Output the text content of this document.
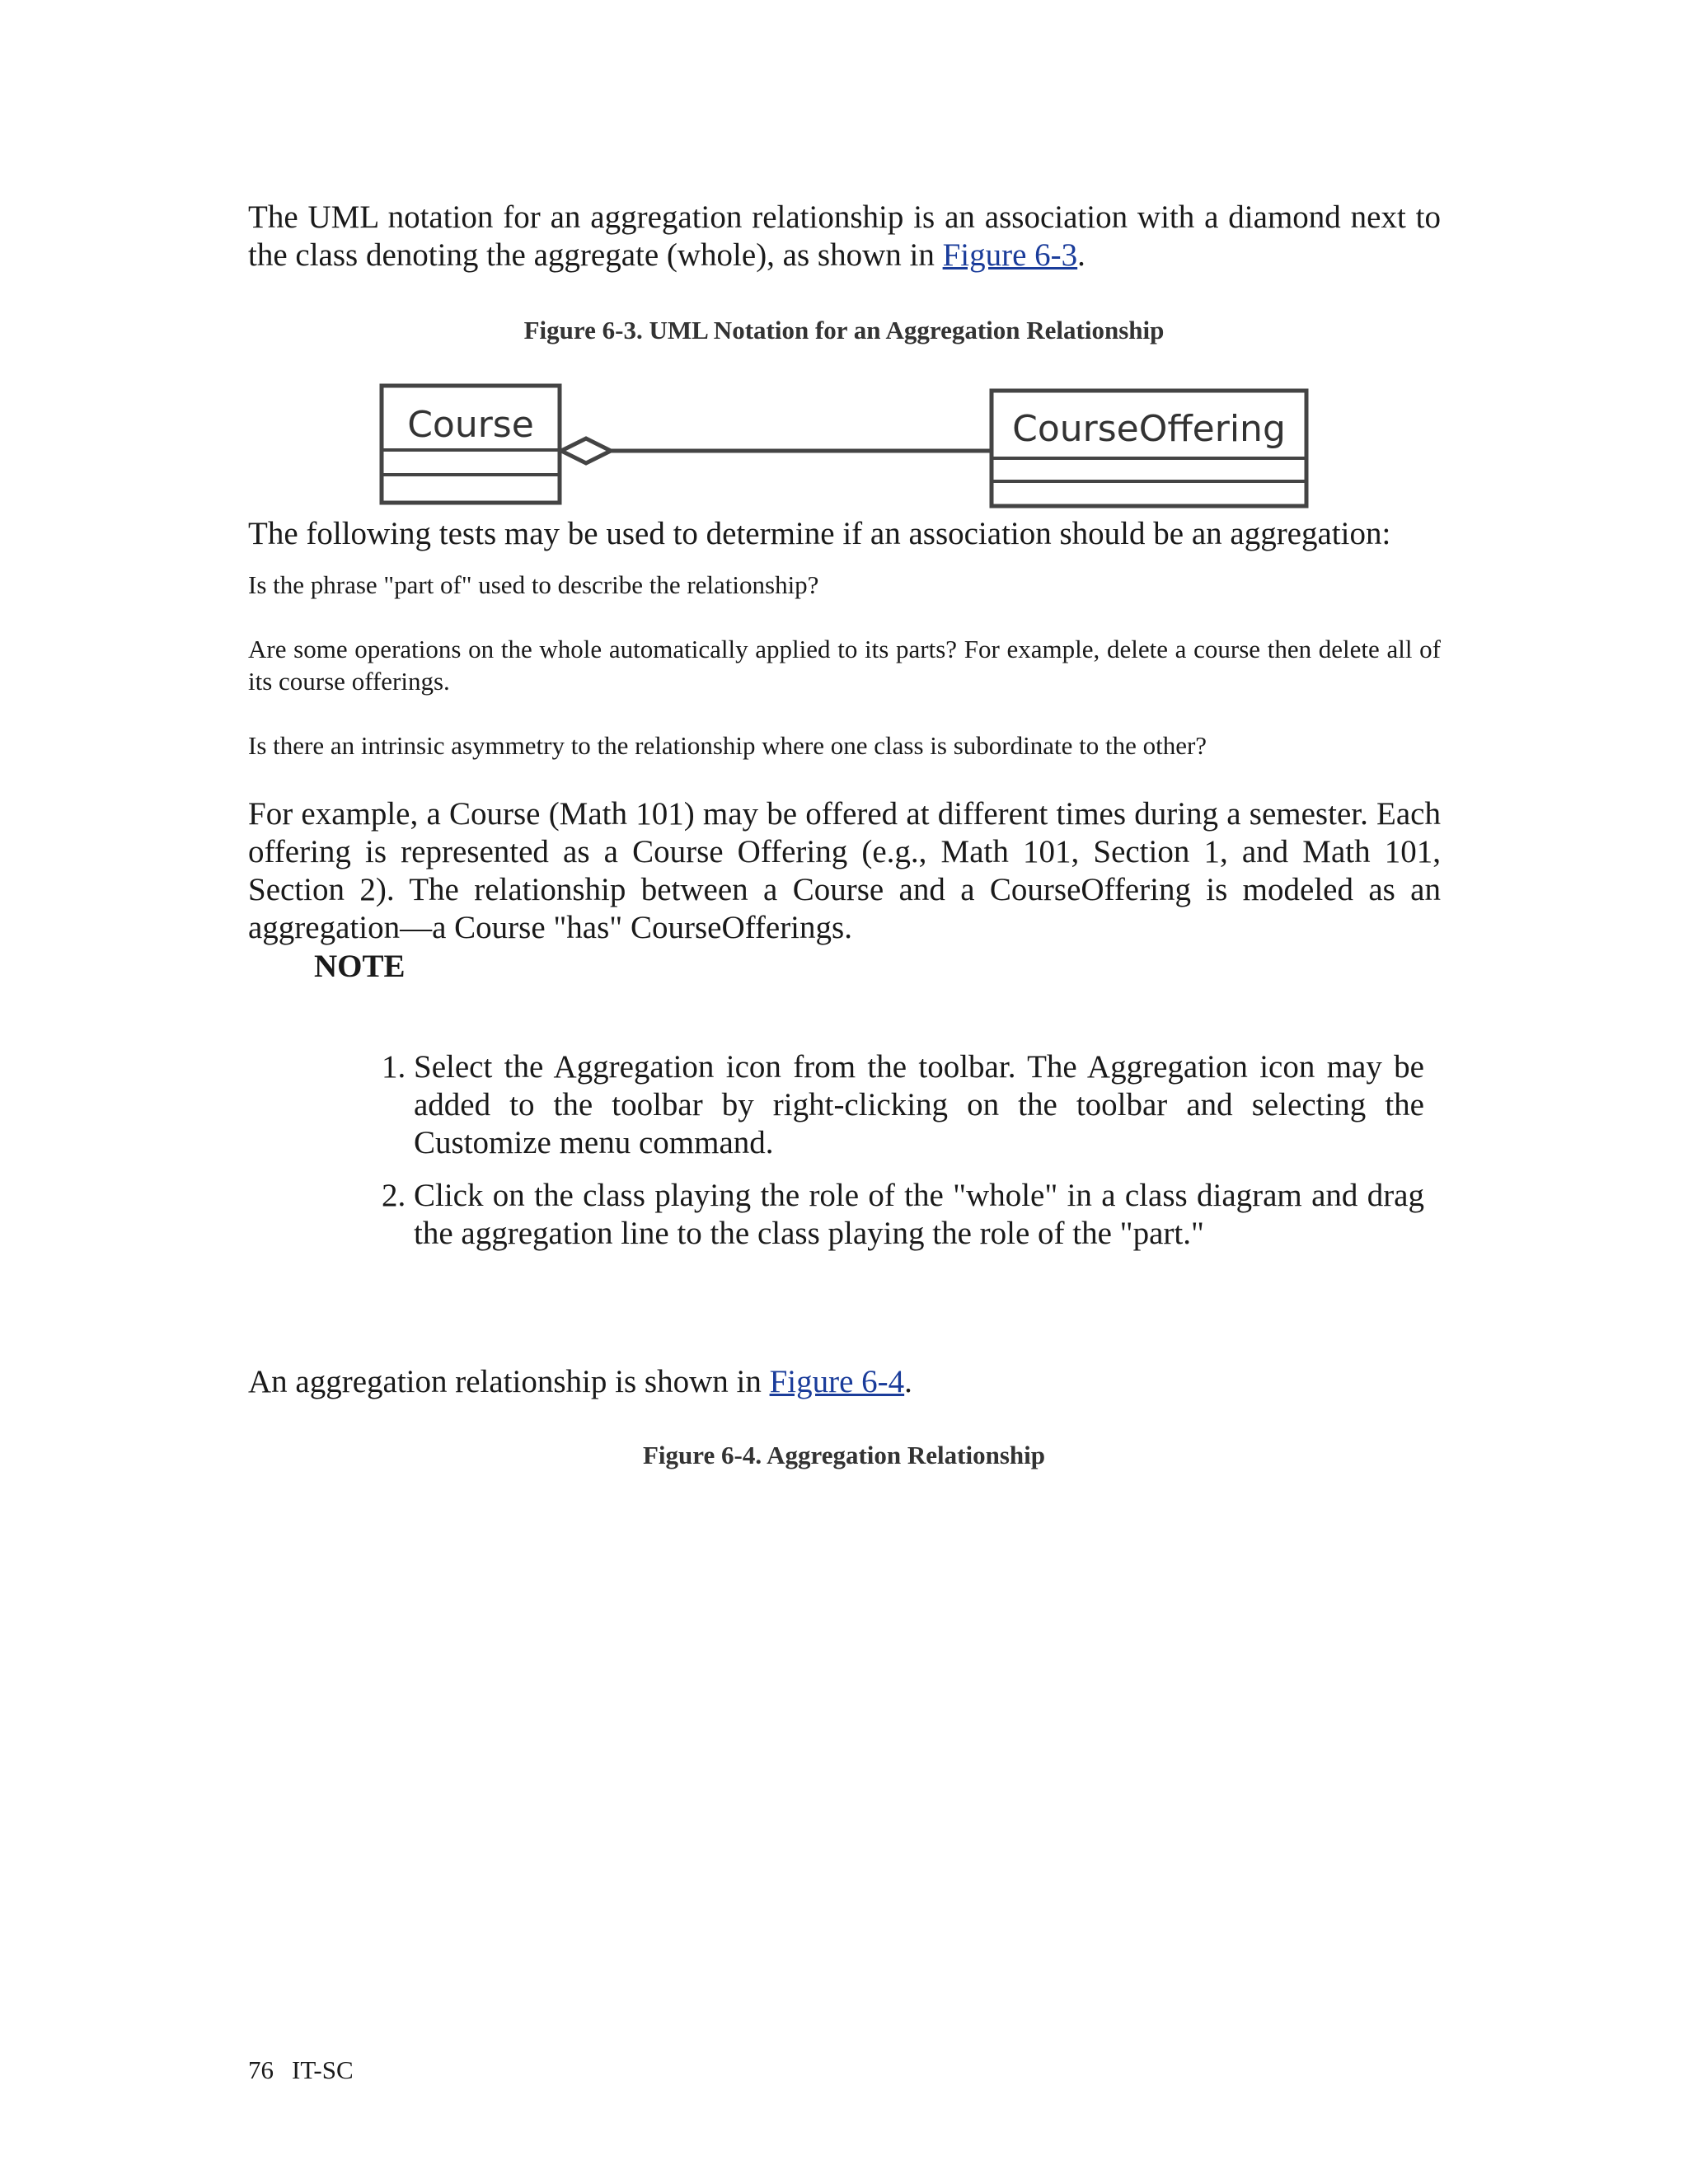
The UML notation for an aggregation relationship is an association with a diamond next to the class denoting the aggregate (whole), as shown in Figure 6-3.

Figure 6-3. UML Notation for an Aggregation Relationship

Course	CourseOffering

The following tests may be used to determine if an association should be an aggregation:

Is the phrase "part of" used to describe the relationship?

Are some operations on the whole automatically applied to its parts? For example, delete a course then delete all of its course offerings.

Is there an intrinsic asymmetry to the relationship where one class is subordinate to the other?

For example, a Course (Math 101) may be offered at different times during a semester. Each offering is represented as a Course Offering (e.g., Math 101, Section 1, and Math 101, Section 2). The relationship between a Course and a CourseOffering is modeled as an aggregation—a Course "has" CourseOfferings.

NOTE

1. Select the Aggregation icon from the toolbar. The Aggregation icon may be added to the toolbar by right-clicking on the toolbar and selecting the Customize menu command.
2. Click on the class playing the role of the "whole" in a class diagram and drag the aggregation line to the class playing the role of the "part."

An aggregation relationship is shown in Figure 6-4.

Figure 6-4. Aggregation Relationship

76 IT-SC
